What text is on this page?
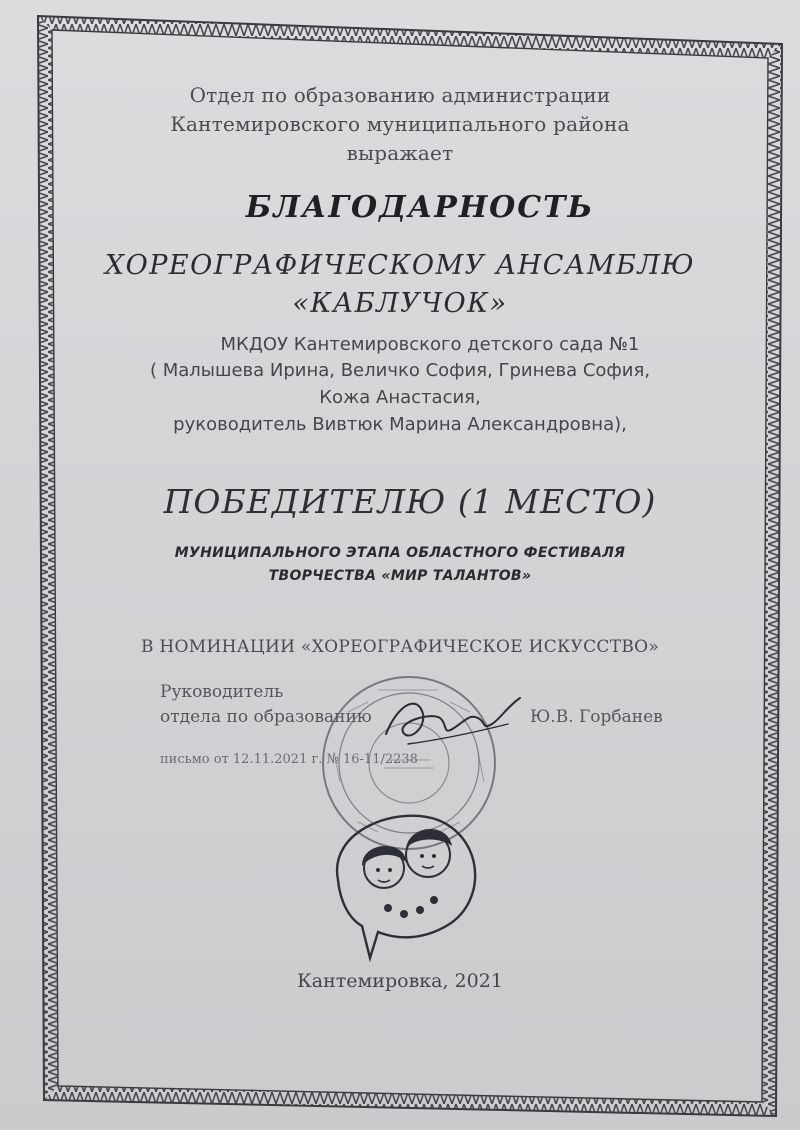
Отдел по образованию администрации
Кантемировского муниципального района
выражает
БЛАГОДАРНОСТЬ
ХОРЕОГРАФИЧЕСКОМУ АНСАМБЛЮ
«КАБЛУЧОК»
МКДОУ Кантемировского детского сада №1
( Малышева Ирина, Величко София, Гринева София,
Кожа Анастасия,
руководитель Вивтюк Марина Александровна),
ПОБЕДИТЕЛЮ (1 МЕСТО)
МУНИЦИПАЛЬНОГО ЭТАПА ОБЛАСТНОГО ФЕСТИВАЛЯ
ТВОРЧЕСТВА «МИР ТАЛАНТОВ»
В НОМИНАЦИИ «ХОРЕОГРАФИЧЕСКОЕ ИСКУССТВО»
Руководитель
отдела по образованию	Ю.В. Горбанев
письмо от 12.11.2021 г. № 16-11/2238
Кантемировка, 2021
